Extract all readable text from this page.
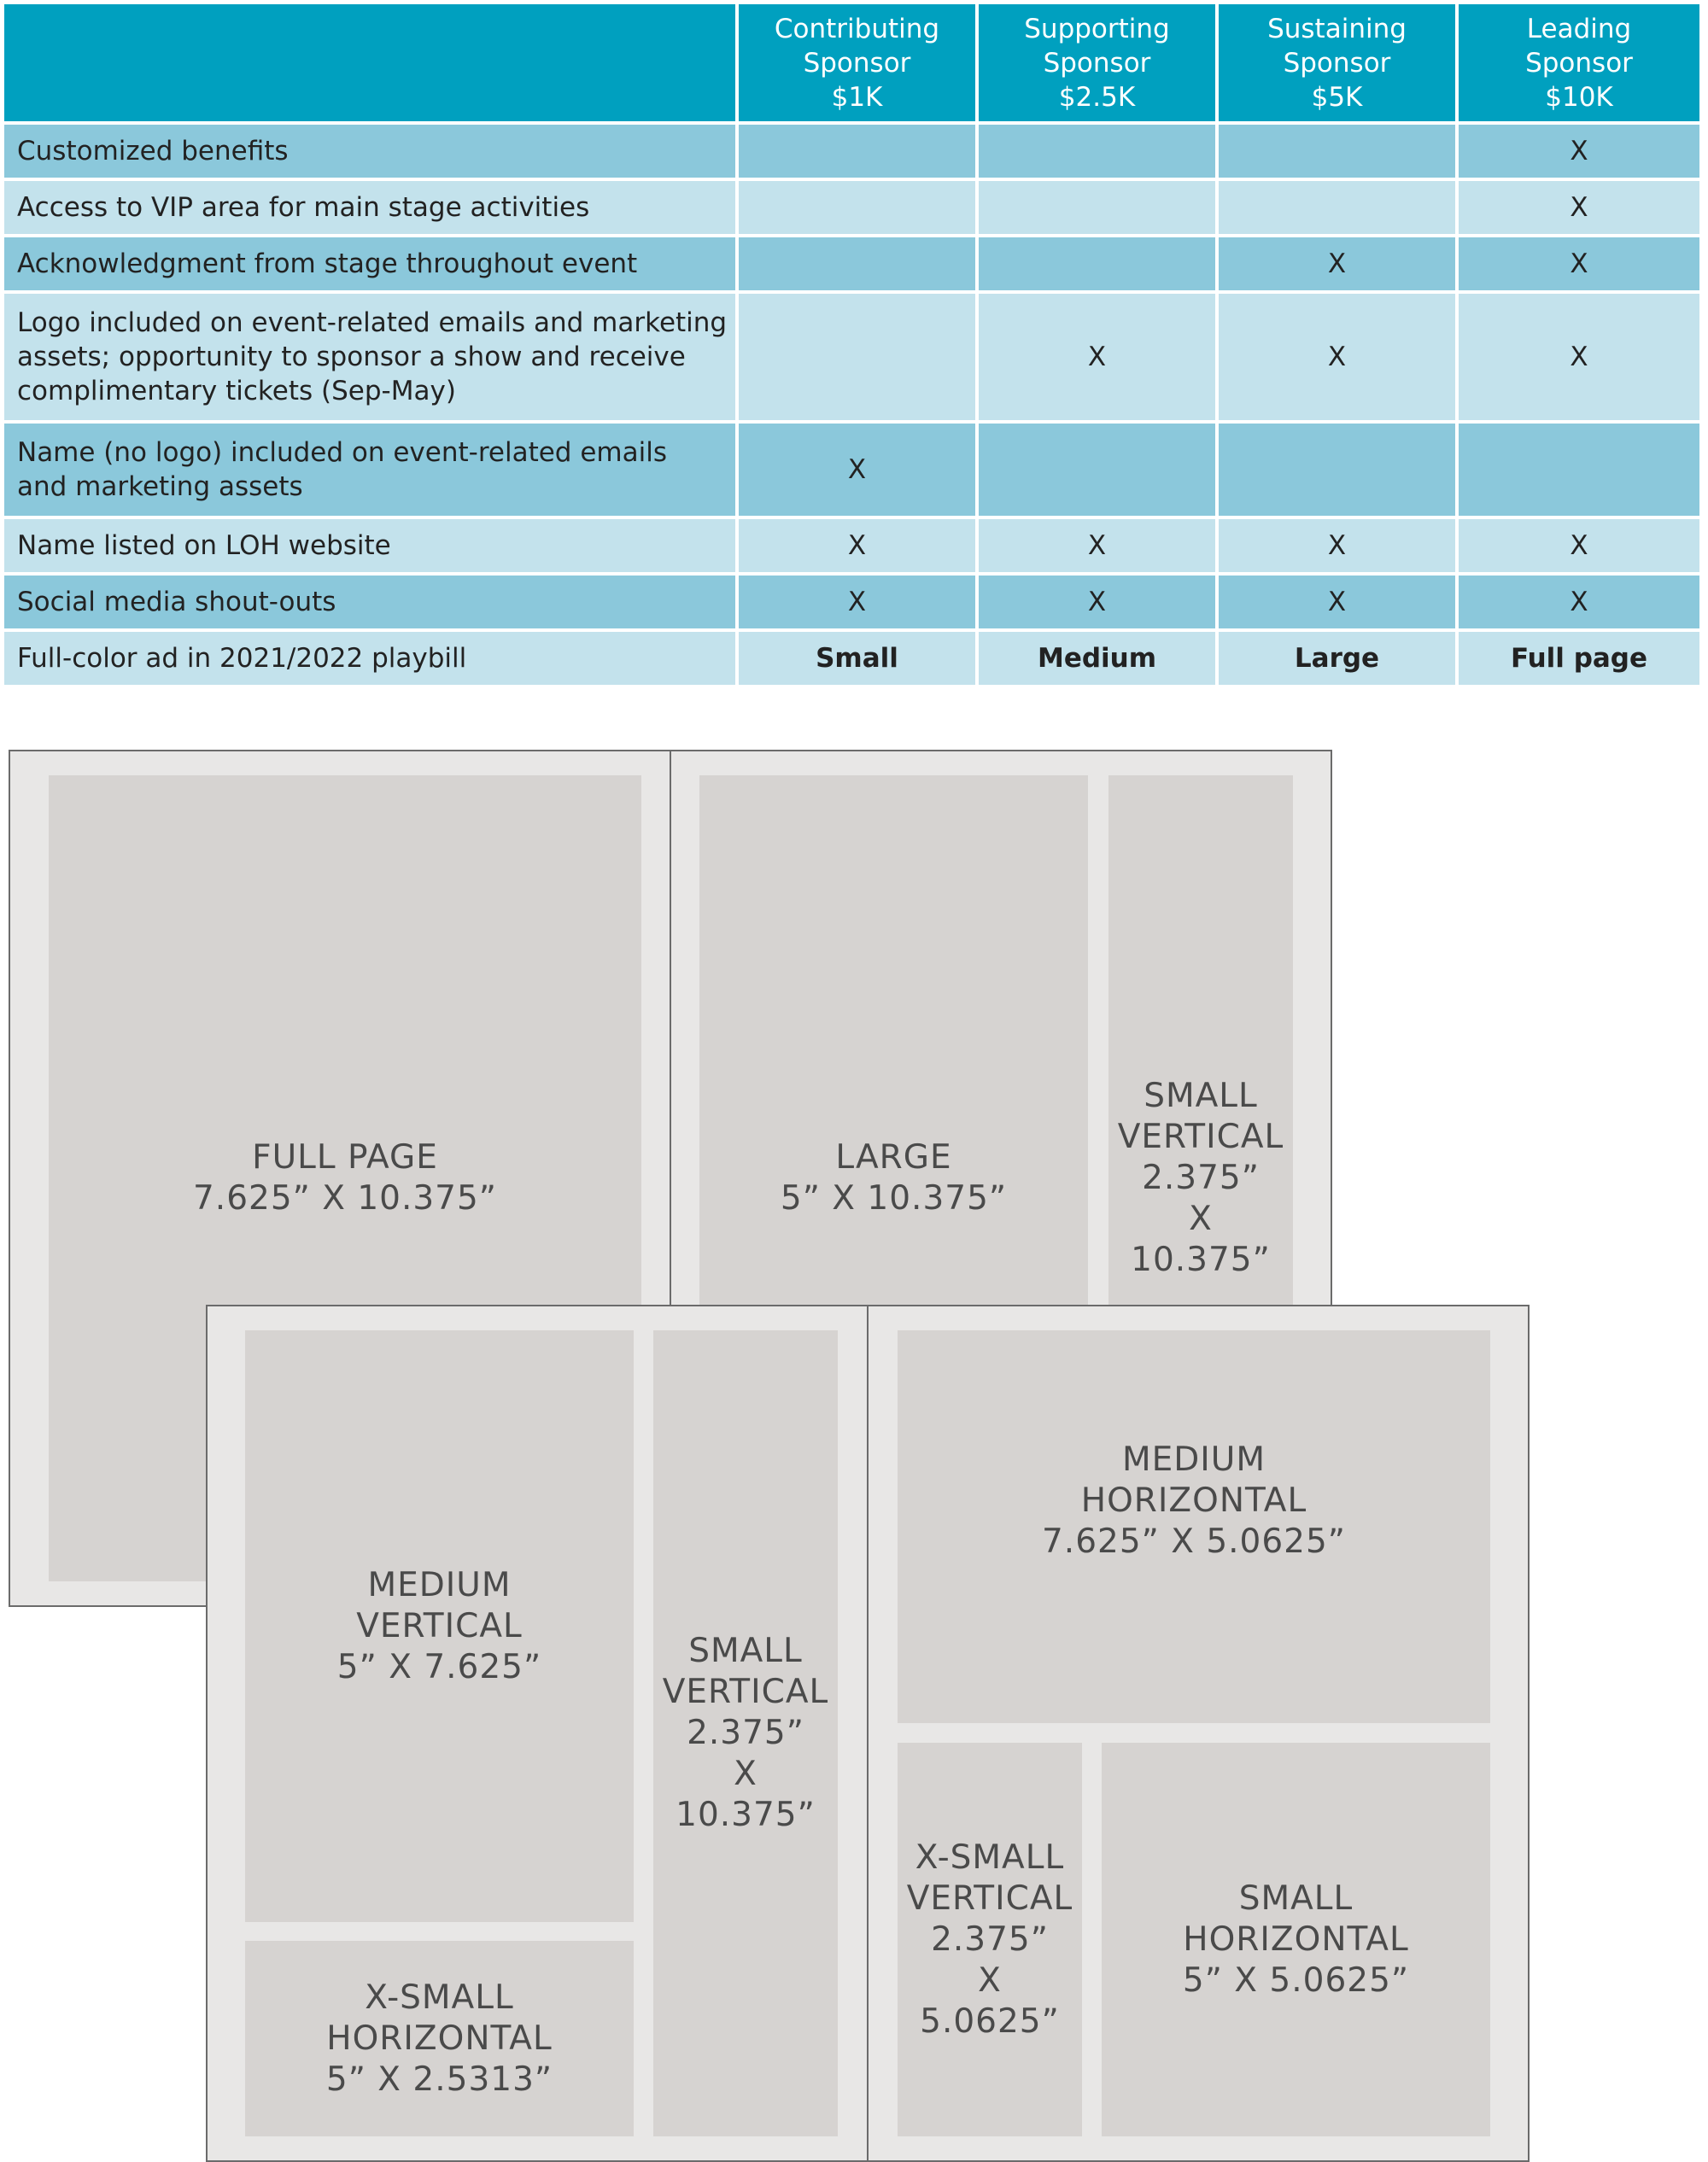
	Contributing
Sponsor
$1K	Supporting
Sponsor
$2.5K	Sustaining
Sponsor
$5K	Leading
Sponsor
$10K

Customized benefits				X

Access to VIP area for main stage activities				X

Acknowledgment from stage throughout event			X	X

Logo included on event-related emails and marketing
assets; opportunity to sponsor a show and receive
complimentary tickets (Sep-May)		X	X	X

Name (no logo) included on event-related emails
and marketing assets	X			

Name listed on LOH website	X	X	X	X

Social media shout-outs	X	X	X	X

Full-color ad in 2021/2022 playbill	Small	Medium	Large	Full page
FULL PAGE
7.625” X 10.375”
LARGE
5” X 10.375”
SMALL
VERTICAL
2.375”
X
10.375”
MEDIUM
VERTICAL
5” X 7.625”
X-SMALL
HORIZONTAL
5” X 2.5313”
SMALL
VERTICAL
2.375”
X
10.375”
MEDIUM
HORIZONTAL
7.625” X 5.0625”
X-SMALL
VERTICAL
2.375”
X
5.0625”
SMALL
HORIZONTAL
5” X 5.0625”
